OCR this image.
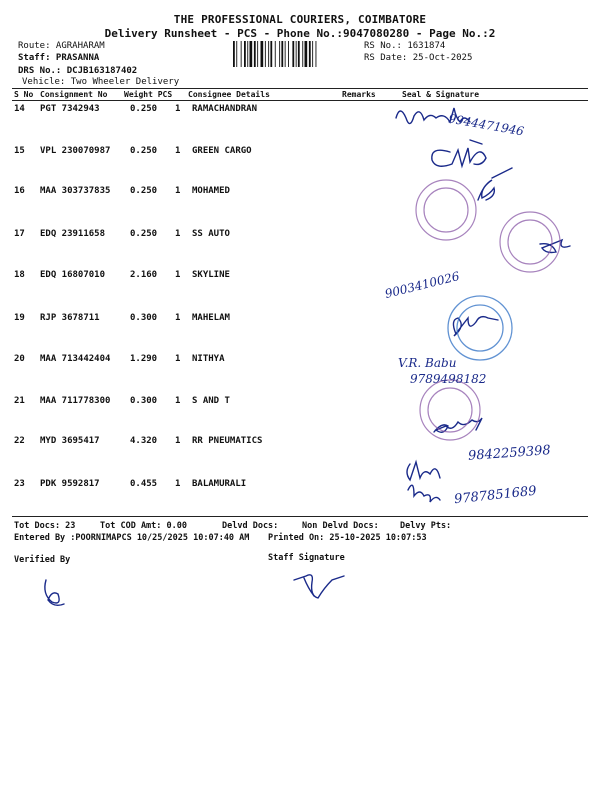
THE PROFESSIONAL COURIERS, COIMBATORE
Delivery Runsheet - PCS - Phone No.:9047080280 - Page No.:2
Route: AGRAHARAM
Staff: PRASANNA
DRS No.: DCJB163187402
Vehicle: Two Wheeler Delivery
RS No.: 1631874
RS Date: 25-Oct-2025
S No Consignment No Weight PCS Consignee Details	Remarks	Seal & Signature
14 PGT 7342943	0.250 1 RAMACHANDRAN
15 VPL 230070987 0.250 1 GREEN CARGO
16 MAA 303737835 0.250 1 MOHAMED
17 EDQ 23911658	0.250 1 SS AUTO
18 EDQ 16807010	2.160 1 SKYLINE
19 RJP 3678711	0.300 1 MAHELAM
20 MAA 713442404 1.290 1 NITHYA
21 MAA 711778300 0.300 1 S AND T
22 MYD 3695417	4.320 1 RR PNEUMATICS
23 PDK 9592817	0.455 1 BALAMURALI
9944471946
9003410026
V.R. Babu
9789498182
9842259398
9787851689
Tot Docs: 23	Tot COD Amt: 0.00	Delvd Docs:	Non Delvd Docs: Delvy Pts:
Entered By :POORNIMAPCS 10/25/2025 10:07:40 AM Printed On: 25-10-2025 10:07:53
Verified By	Staff Signature
